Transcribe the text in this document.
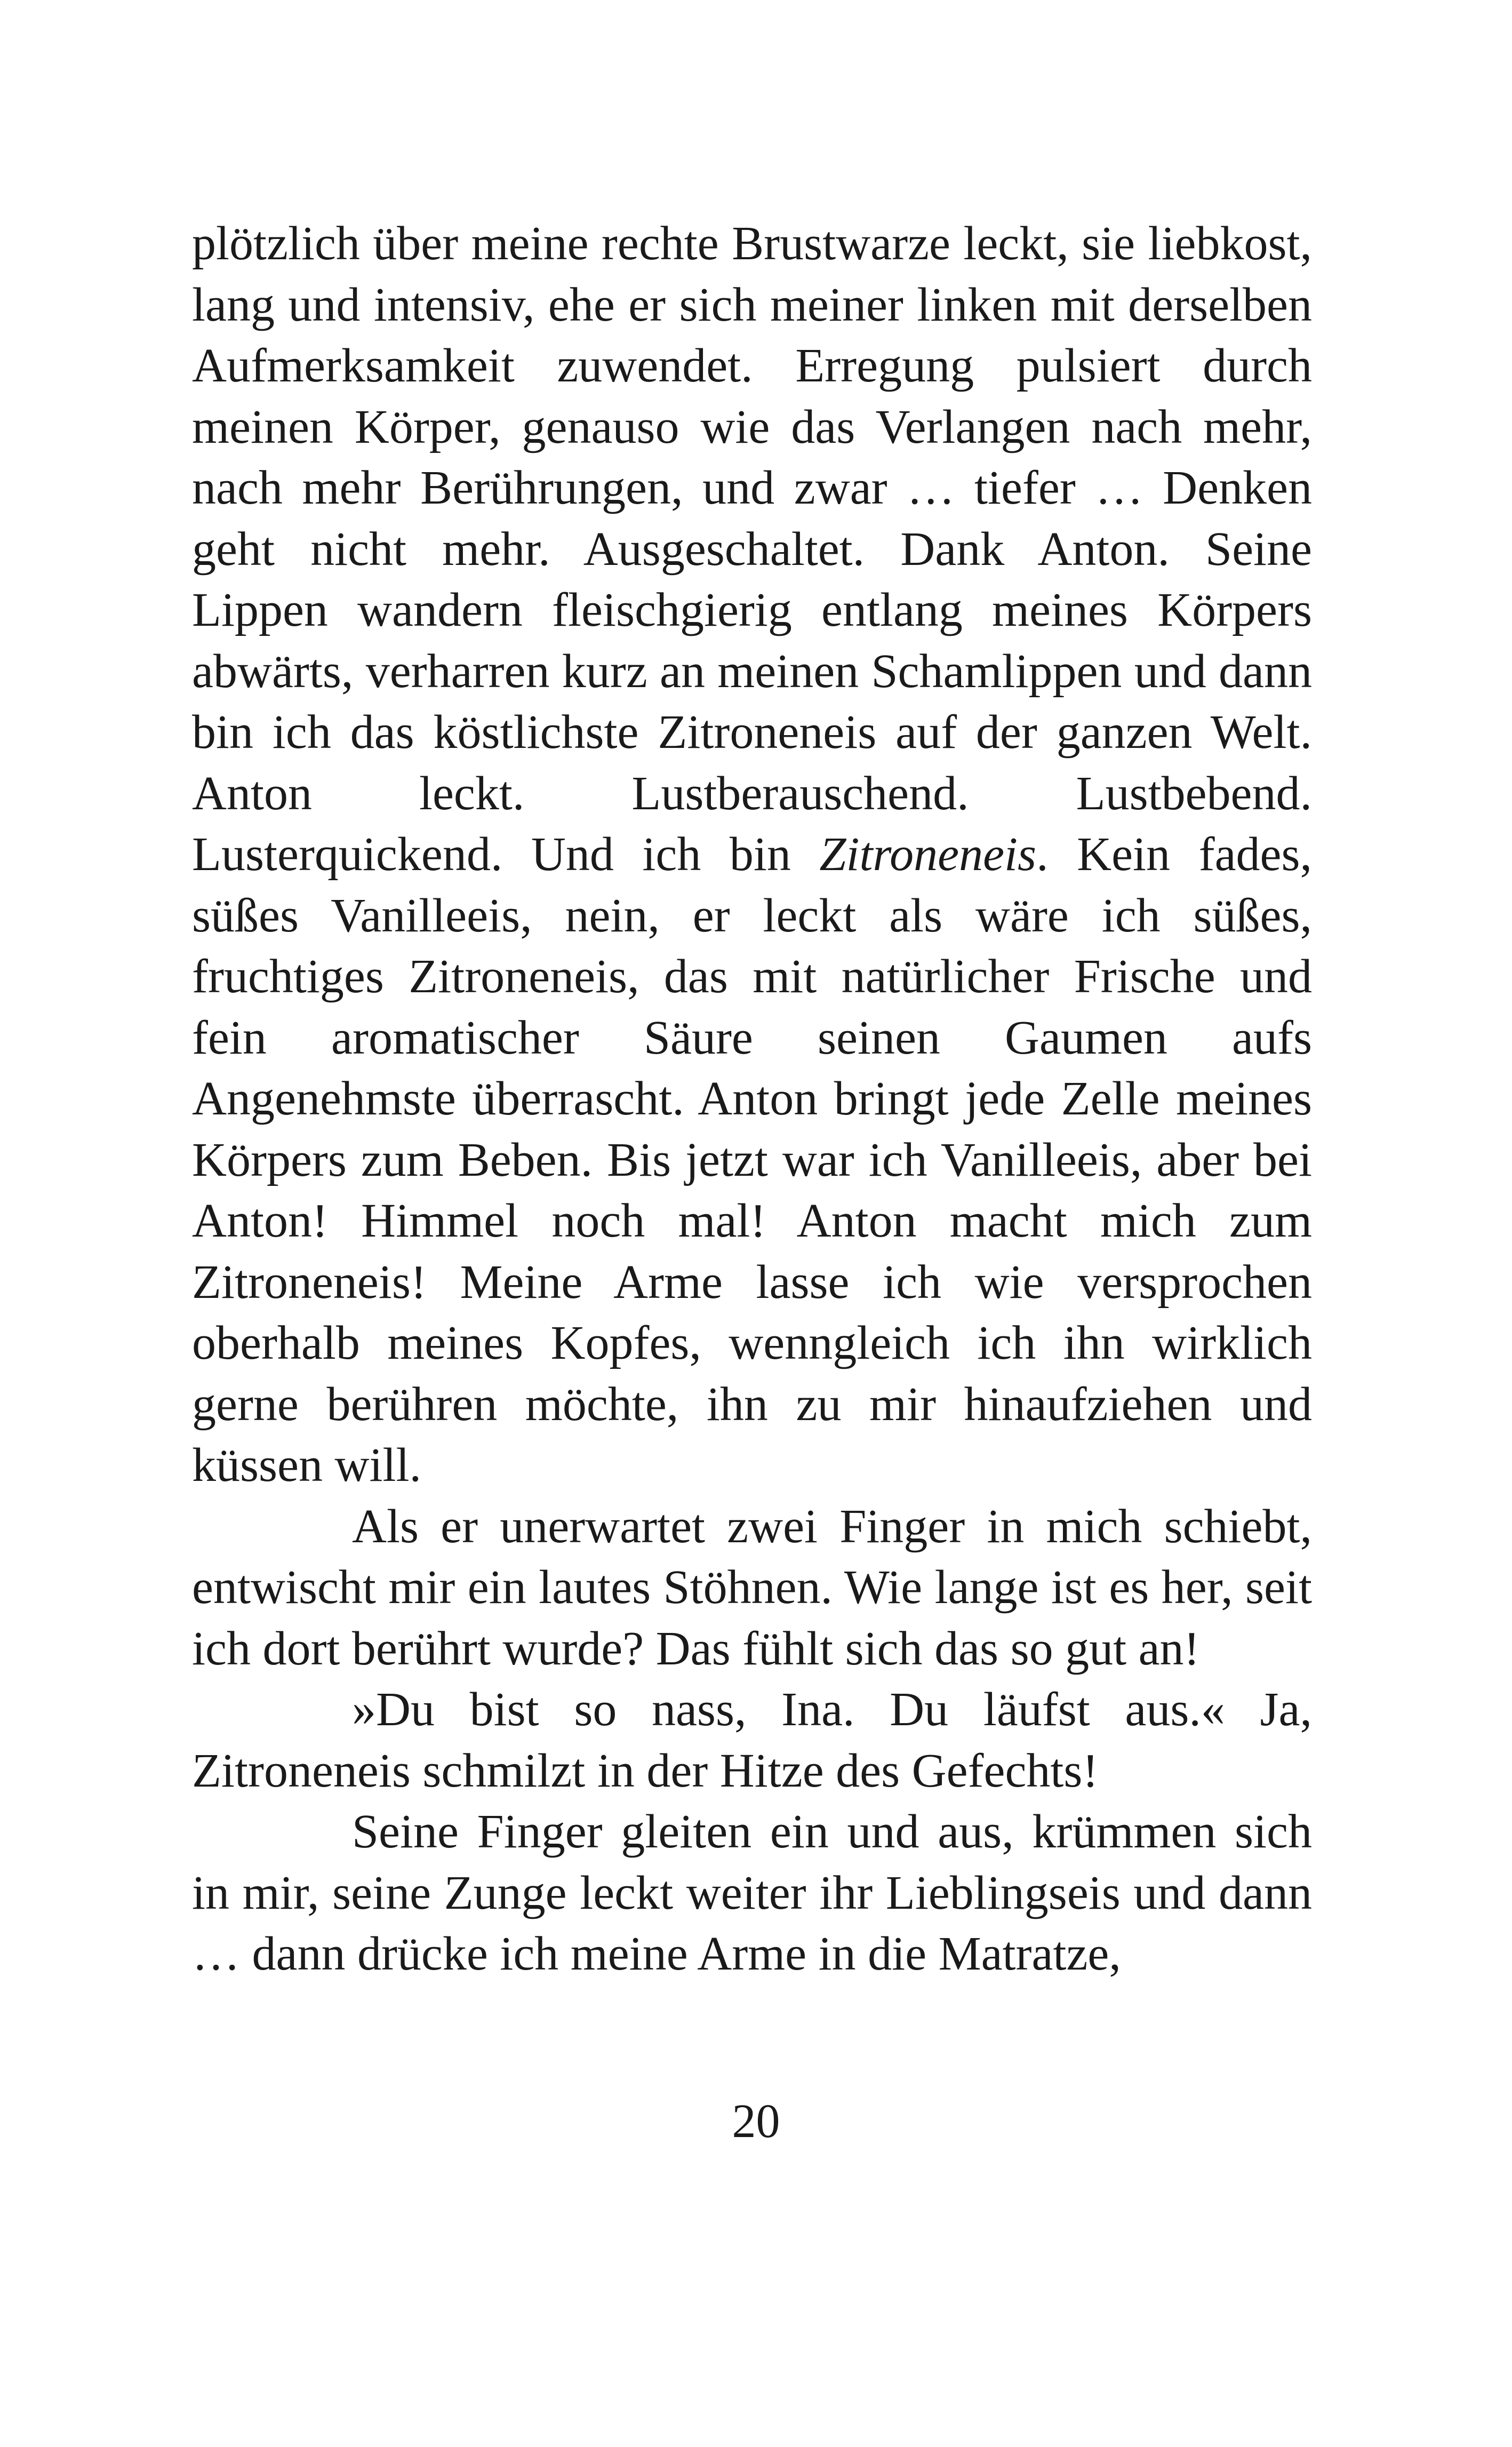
plötzlich über meine rechte Brustwarze leckt, sie liebkost, lang und intensiv, ehe er sich meiner linken mit derselben Aufmerksamkeit zuwendet. Erregung pulsiert durch meinen Körper, genauso wie das Verlangen nach mehr, nach mehr Berührungen, und zwar … tiefer … Denken geht nicht mehr. Ausgeschaltet. Dank Anton. Seine Lippen wandern fleischgierig entlang meines Körpers abwärts, verharren kurz an meinen Schamlippen und dann bin ich das köstlichste Zitroneneis auf der ganzen Welt. Anton leckt. Lustberauschend. Lustbebend. Lusterquickend. Und ich bin Zitroneneis. Kein fades, süßes Vanilleeis, nein, er leckt als wäre ich süßes, fruchtiges Zitroneneis, das mit natürlicher Frische und fein aromatischer Säure seinen Gaumen aufs Angenehmste überrascht. Anton bringt jede Zelle meines Körpers zum Beben. Bis jetzt war ich Vanilleeis, aber bei Anton! Himmel noch mal! Anton macht mich zum Zitroneneis! Meine Arme lasse ich wie versprochen oberhalb meines Kopfes, wenngleich ich ihn wirklich gerne berühren möchte, ihn zu mir hinaufziehen und küssen will.

Als er unerwartet zwei Finger in mich schiebt, entwischt mir ein lautes Stöhnen. Wie lange ist es her, seit ich dort berührt wurde? Das fühlt sich das so gut an!

»Du bist so nass, Ina. Du läufst aus.« Ja, Zitroneneis schmilzt in der Hitze des Gefechts!

Seine Finger gleiten ein und aus, krümmen sich in mir, seine Zunge leckt weiter ihr Lieblingseis und dann … dann drücke ich meine Arme in die Matratze,

20
